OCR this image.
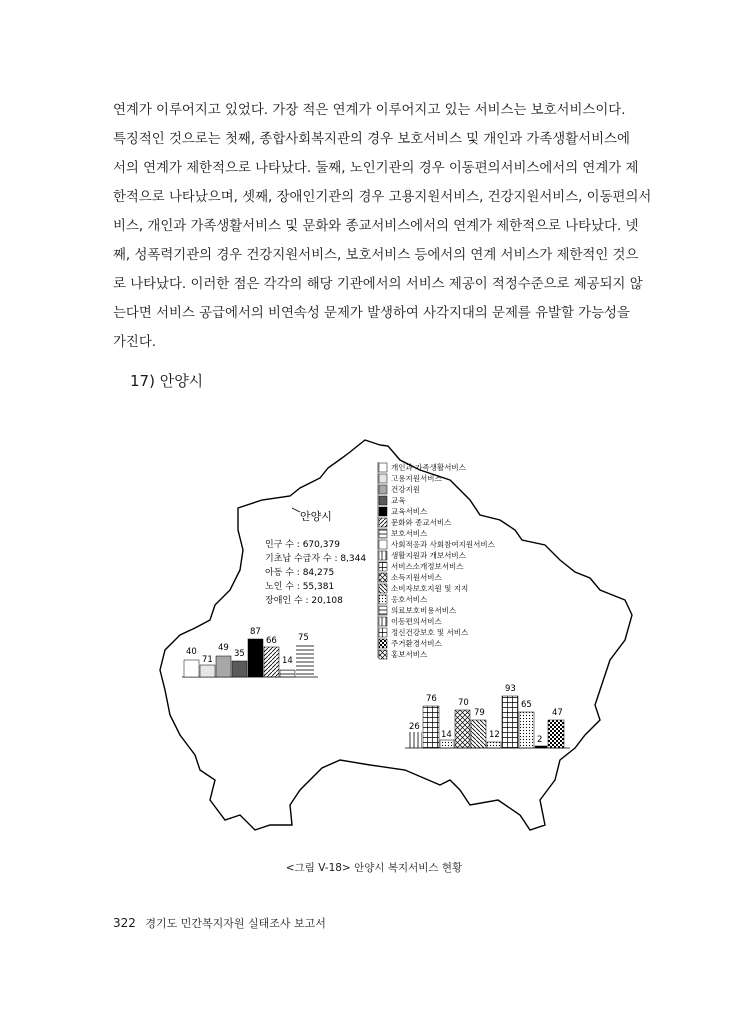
연계가 이루어지고 있었다. 가장 적은 연계가 이루어지고 있는 서비스는 보호서비스이다.
특징적인 것으로는 첫째, 종합사회복지관의 경우 보호서비스 및 개인과 가족생활서비스에
서의 연계가 제한적으로 나타났다. 둘째, 노인기관의 경우 이동편의서비스에서의 연계가 제
한적으로 나타났으며, 셋째, 장애인기관의 경우 고용지원서비스, 건강지원서비스, 이동편의서
비스, 개인과 가족생활서비스 및 문화와 종교서비스에서의 연계가 제한적으로 나타났다. 넷
째, 성폭력기관의 경우 건강지원서비스, 보호서비스 등에서의 연계 서비스가 제한적인 것으
로 나타났다. 이러한 점은 각각의 해당 기관에서의 서비스 제공이 적정수준으로 제공되지 않
는다면 서비스 공급에서의 비연속성 문제가 발생하여 사각지대의 문제를 유발할 가능성을
가진다.
17) 안양시
안양시
인구 수 : 670,379
기초납 수급자 수 : 8,344
아동 수 : 84,275
노인 수 : 55,381
장애인 수 : 20,108
개인과 가족생활서비스
고용지원서비스
건강지원
교육
교육서비스
문화와 종교서비스
보호서비스
사회적응과 사회참여지원서비스
생활지원과 개보서비스
서비스소개정보서비스
소득지원서비스
소비자보호지원 및 지지
옹호서비스
의료보호비용서비스
이동편의서비스
정신건강보호 및 서비스
주거환경서비스
홍보서비스
40
71
49
35
87
66
14
75
26
76
14
70
79
12
93
65
2
47
<그림 V-18> 안양시 복지서비스 현황
322 경기도 민간복지자원 실태조사 보고서
